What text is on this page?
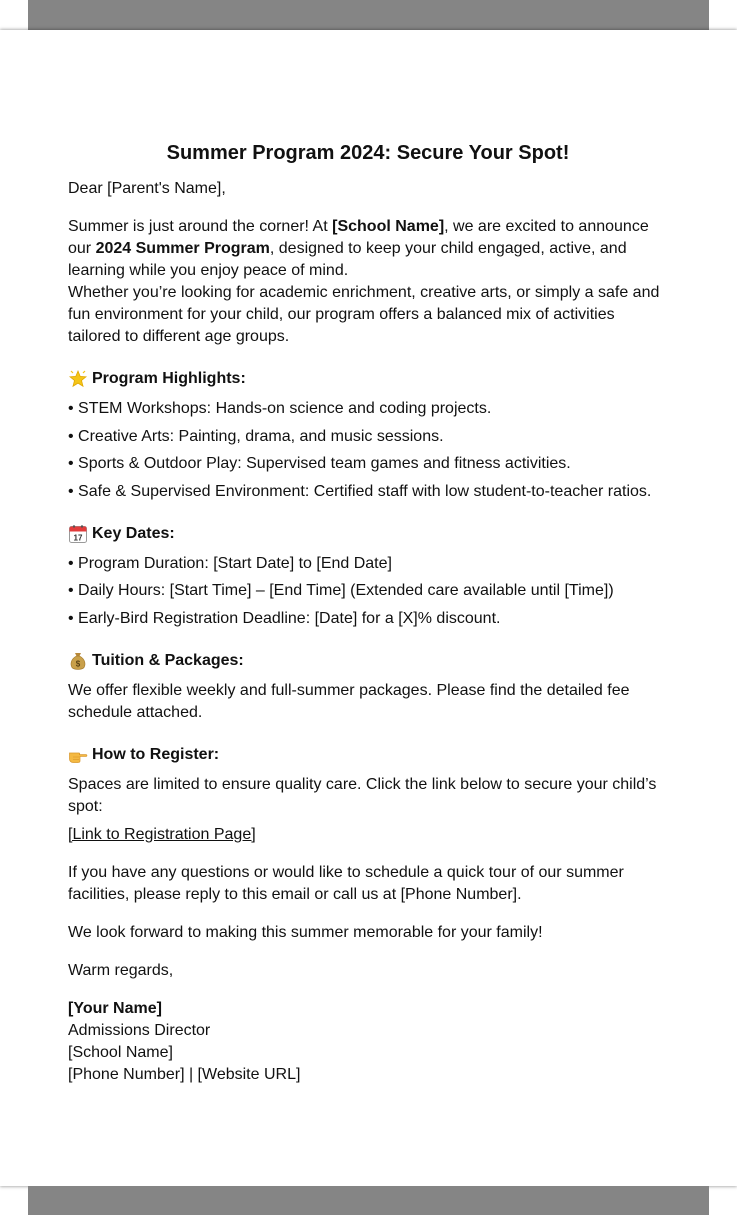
Summer Program 2024: Secure Your Spot!

Dear [Parent's Name],

Summer is just around the corner! At [School Name], we are excited to announce our 2024 Summer Program, designed to keep your child engaged, active, and learning while you enjoy peace of mind.

Whether you’re looking for academic enrichment, creative arts, or simply a safe and fun environment for your child, our program offers a balanced mix of activities tailored to different age groups.

Program Highlights:

• STEM Workshops: Hands-on science and coding projects.

• Creative Arts: Painting, drama, and music sessions.

• Sports & Outdoor Play: Supervised team games and fitness activities.

• Safe & Supervised Environment: Certified staff with low student-to-teacher ratios.

17 Key Dates:

• Program Duration: [Start Date] to [End Date]

• Daily Hours: [Start Time] – [End Time] (Extended care available until [Time])

• Early-Bird Registration Deadline: [Date] for a [X]% discount.

$ Tuition & Packages:

We offer flexible weekly and full-summer packages. Please find the detailed fee schedule attached.

How to Register:

Spaces are limited to ensure quality care. Click the link below to secure your child’s spot:

[Link to Registration Page]

If you have any questions or would like to schedule a quick tour of our summer facilities, please reply to this email or call us at [Phone Number].

We look forward to making this summer memorable for your family!

Warm regards,

[Your Name]

Admissions Director

[School Name]

[Phone Number] | [Website URL]
